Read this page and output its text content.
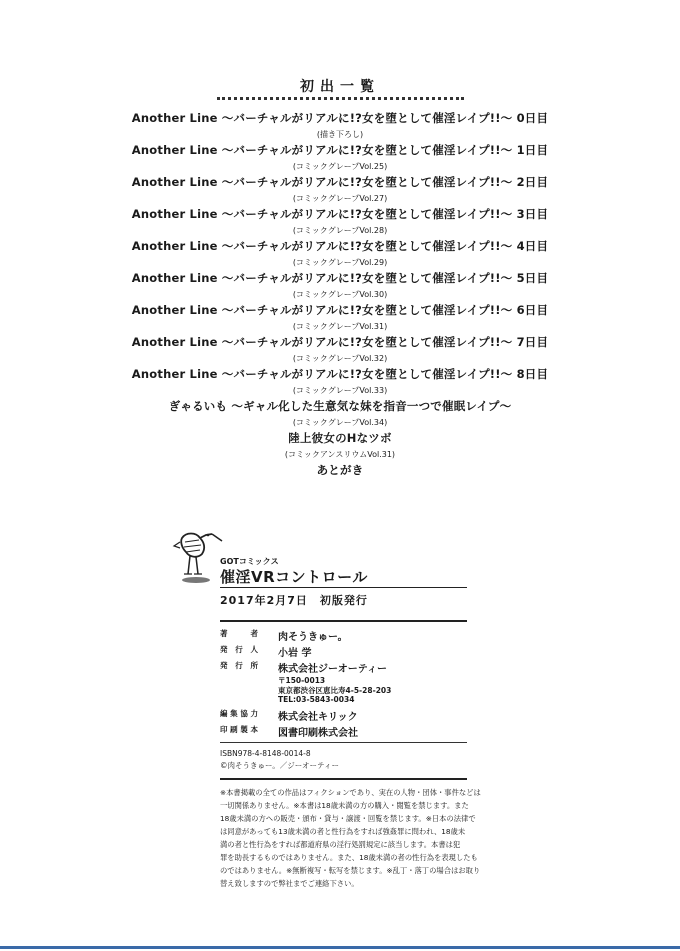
初出一覧
Another Line ～バーチャルがリアルに!?女を堕として催淫レイプ!!～ 0日目
(描き下ろし)
Another Line ～バーチャルがリアルに!?女を堕として催淫レイプ!!～ 1日目
(コミックグレープVol.25)
Another Line ～バーチャルがリアルに!?女を堕として催淫レイプ!!～ 2日目
(コミックグレープVol.27)
Another Line ～バーチャルがリアルに!?女を堕として催淫レイプ!!～ 3日目
(コミックグレープVol.28)
Another Line ～バーチャルがリアルに!?女を堕として催淫レイプ!!～ 4日目
(コミックグレープVol.29)
Another Line ～バーチャルがリアルに!?女を堕として催淫レイプ!!～ 5日目
(コミックグレープVol.30)
Another Line ～バーチャルがリアルに!?女を堕として催淫レイプ!!～ 6日目
(コミックグレープVol.31)
Another Line ～バーチャルがリアルに!?女を堕として催淫レイプ!!～ 7日目
(コミックグレープVol.32)
Another Line ～バーチャルがリアルに!?女を堕として催淫レイプ!!～ 8日目
(コミックグレープVol.33)
ぎゃるいも ～ギャル化した生意気な妹を指音一つで催眠レイプ～
(コミックグレープVol.34)
陸上彼女のHなツボ
(コミックアンスリウムVol.31)
あとがき
GOTコミックス
催淫VRコントロール
2017年2月7日　初版発行
著　　者 肉そうきゅー。
発 行 人 小岩 学
発 行 所 株式会社ジーオーティー
〒150-0013
東京都渋谷区恵比寿4-5-28-203
TEL:03-5843-0034
編集協力 株式会社キリック
印刷製本 図書印刷株式会社
ISBN978-4-8148-0014-8
©肉そうきゅー。／ジーオーティー
※本書掲載の全ての作品はフィクションであり、実在の人物・団体・事件などは
一切関係ありません。※本書は18歳未満の方の購入・閲覧を禁じます。また
18歳未満の方への販売・頒布・貸与・譲渡・回覧を禁じます。※日本の法律で
は同意があっても13歳未満の者と性行為をすれば強姦罪に問われ、18歳未
満の者と性行為をすれば都道府県の淫行処罰規定に該当します。本書は犯
罪を助長するものではありません。また、18歳未満の者の性行為を表現したも
のではありません。※無断複写・転写を禁じます。※乱丁・落丁の場合はお取り
替え致しますので弊社までご連絡下さい。
